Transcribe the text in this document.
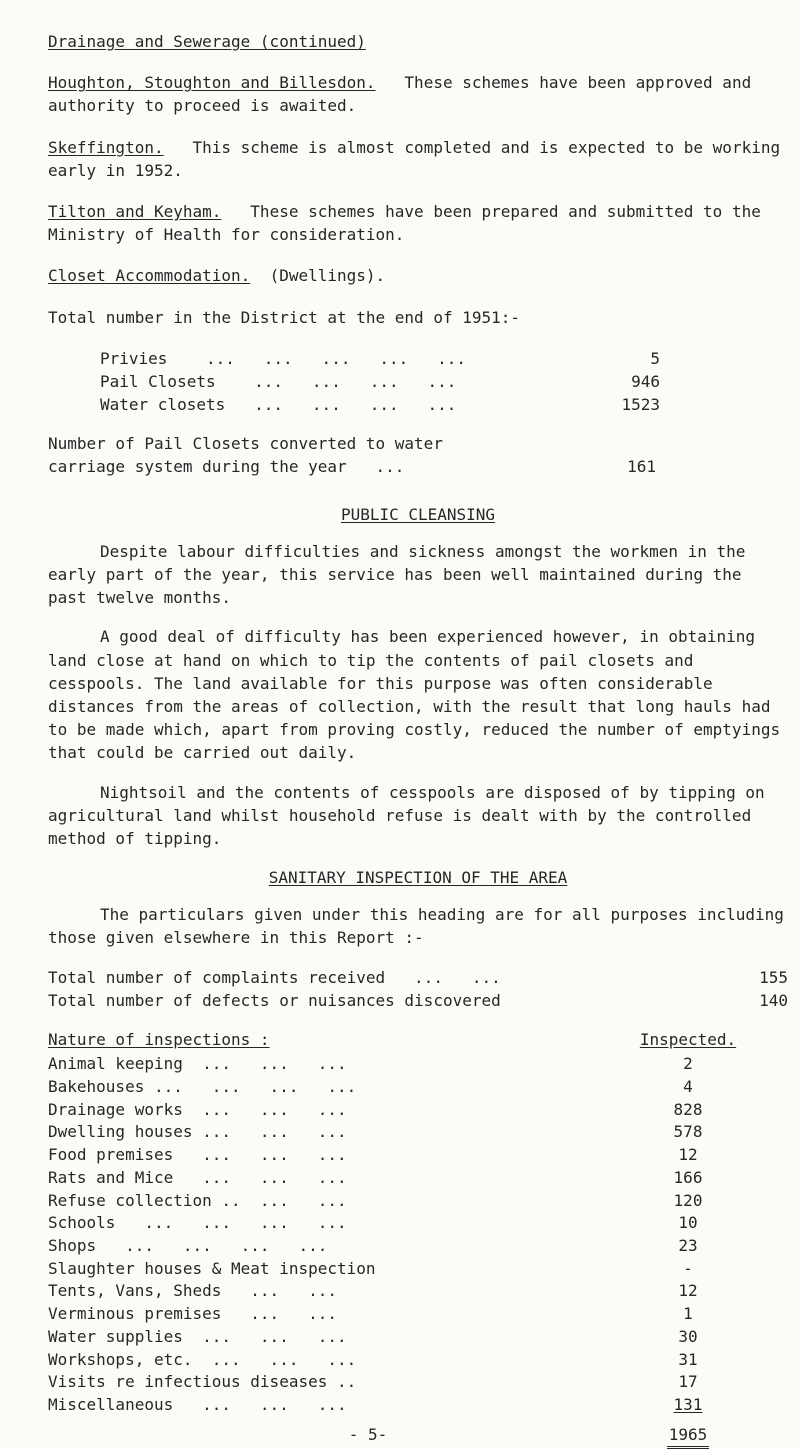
Drainage and Sewerage (continued)

Houghton, Stoughton and Billesdon. These schemes have been approved and authority to proceed is awaited.

Skeffington. This scheme is almost completed and is expected to be working early in 1952.

Tilton and Keyham. These schemes have been prepared and submitted to the Ministry of Health for consideration.

Closet Accommodation. (Dwellings).

Total number in the District at the end of 1951:-

Privies    ...   ...   ...   ...   ...	5
Pail Closets    ...   ...   ...   ...	946
Water closets   ...   ...   ...   ...	1523

Number of Pail Closets converted to water

carriage system during the year   ...	161

PUBLIC CLEANSING

Despite labour difficulties and sickness amongst the workmen in the early part of the year, this service has been well maintained during the past twelve months.

A good deal of difficulty has been experienced however, in obtaining land close at hand on which to tip the contents of pail closets and cesspools. The land available for this purpose was often considerable distances from the areas of collection, with the result that long hauls had to be made which, apart from proving costly, reduced the number of emptyings that could be carried out daily.

Nightsoil and the contents of cesspools are disposed of by tipping on agricultural land whilst household refuse is dealt with by the controlled method of tipping.

SANITARY INSPECTION OF THE AREA

The particulars given under this heading are for all purposes including those given elsewhere in this Report :-

Total number of complaints received   ...   ...	155
Total number of defects or nuisances discovered	140
Nature of inspections :	Inspected.
Animal keeping  ...   ...   ...	2
Bakehouses ...   ...   ...   ...	4
Drainage works  ...   ...   ...	828
Dwelling houses ...   ...   ...	578
Food premises   ...   ...   ...	12
Rats and Mice   ...   ...   ...	166
Refuse collection ..  ...   ...	120
Schools   ...   ...   ...   ...	10
Shops   ...   ...   ...   ...	23
Slaughter houses & Meat inspection	-
Tents, Vans, Sheds   ...   ...	12
Verminous premises   ...   ...	1
Water supplies  ...   ...   ...	30
Workshops, etc.  ...   ...   ...	31
Visits re infectious diseases ..	17
Miscellaneous   ...   ...   ...	131
- 5-	1965
